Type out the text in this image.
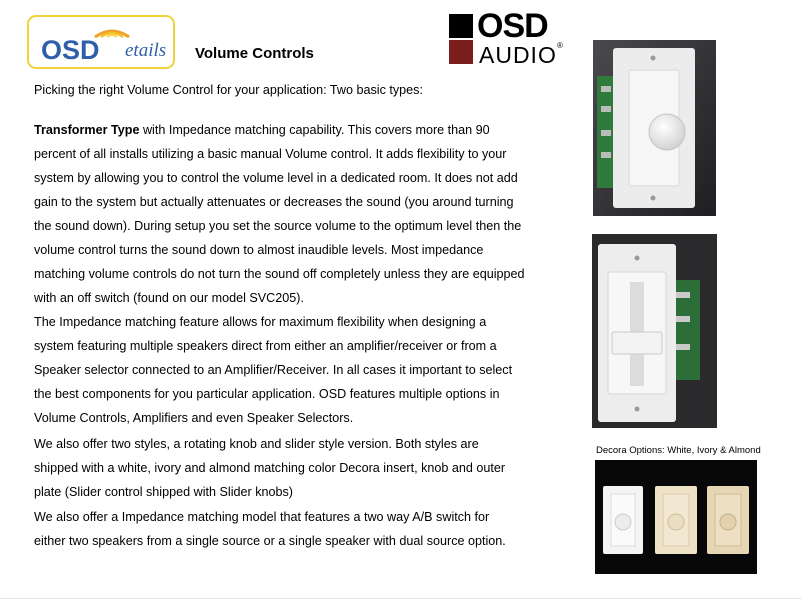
OSD etails Volume Controls
OSD
AUDIO ®
Picking the right Volume Control for your application: Two basic types:
Transformer Type with Impedance matching capability. This covers more than 90
percent of all installs utilizing a basic manual Volume control. It adds flexibility to your
system by allowing you to control the volume level in a dedicated room. It does not add
gain to the system but actually attenuates or decreases the sound (you around turning
the sound down). During setup you set the source volume to the optimum level then the
volume control turns the sound down to almost inaudible levels. Most impedance
matching volume controls do not turn the sound off completely unless they are equipped
with an off switch (found on our model SVC205).
The Impedance matching feature allows for maximum flexibility when designing a
system featuring multiple speakers direct from either an amplifier/receiver or from a
Speaker selector connected to an Amplifier/Receiver. In all cases it important to select
the best components for you particular application. OSD features multiple options in
Volume Controls, Amplifiers and even Speaker Selectors.
We also offer two styles, a rotating knob and slider style version. Both styles are
shipped with a white, ivory and almond matching color Decora insert, knob and outer
plate (Slider control shipped with Slider knobs)
We also offer a Impedance matching model that features a two way A/B switch for
either two speakers from a single source or a single speaker with dual source option.
Decora Options: White, Ivory & Almond
